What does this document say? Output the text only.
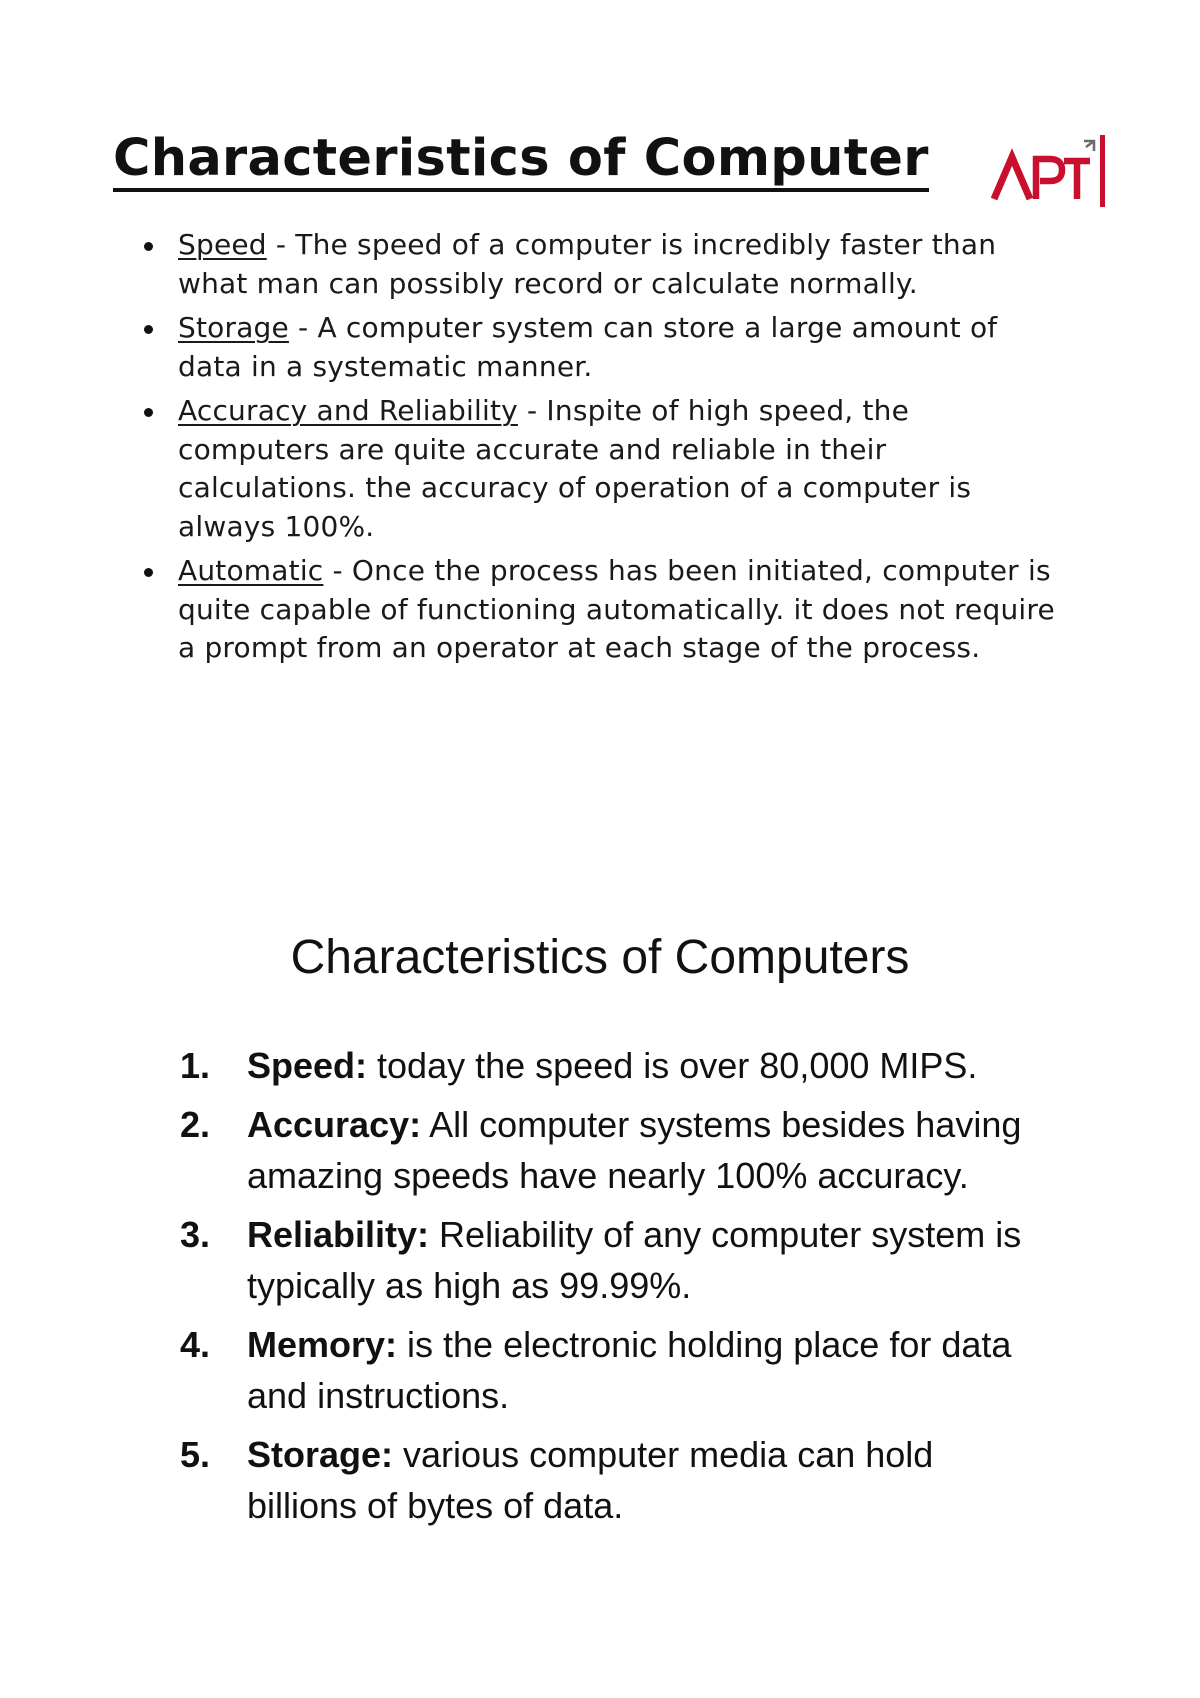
Characteristics of Computer
Speed - The speed of a computer is incredibly faster than what man can possibly record or calculate normally.
Storage - A computer system can store a large amount of data in a systematic manner.
Accuracy and Reliability - Inspite of high speed, the computers are quite accurate and reliable in their calculations. the accuracy of operation of a computer is always 100%.
Automatic - Once the process has been initiated, computer is quite capable of functioning automatically. it does not require a prompt from an operator at each stage of the process.
Characteristics of Computers
1. Speed: today the speed is over 80,000 MIPS.
2. Accuracy: All computer systems besides having amazing speeds have nearly 100% accuracy.
3. Reliability: Reliability of any computer system is typically as high as 99.99%.
4. Memory: is the electronic holding place for data and instructions.
5. Storage: various computer media can hold billions of bytes of data.
